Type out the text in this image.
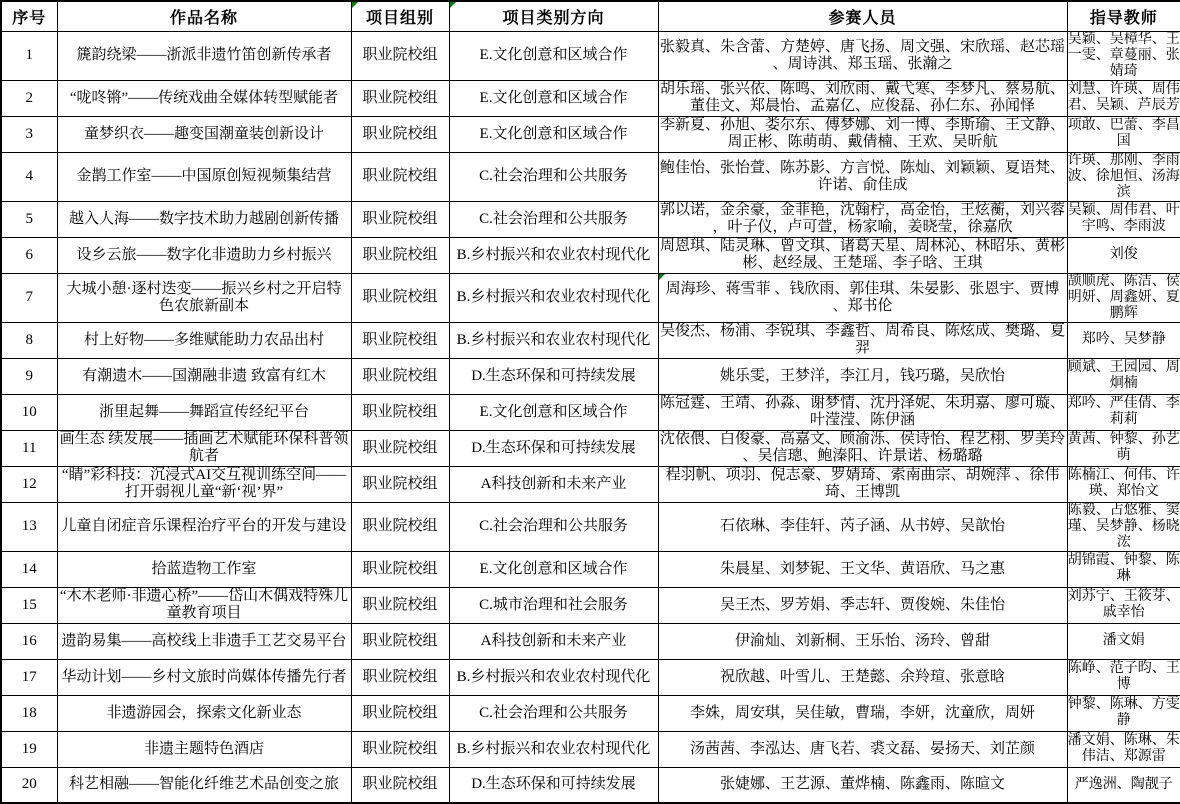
序号	作品名称	项目组别	项目类别方向	参赛人员	指导教师
1	篪韵绕梁——浙派非遗竹笛创新传承者	职业院校组	E.文化创意和区域合作	张毅真、朱含蕾、方楚婷、唐飞扬、周文强、宋欣瑶、赵芯瑶、周诗淇、郑玉瑶、张瀚之	吴颖、吴樟华、王一雯、章蔓丽、张婧琦
2	“咙咚锵”——传统戏曲全媒体转型赋能者	职业院校组	E.文化创意和区域合作	胡乐瑶、张兴依、陈鸣、刘欣雨、戴弋寒、李梦凡、蔡易航、董佳文、郑晨怡、孟嘉亿、应俊磊、孙仁东、孙闻怿	刘慧、许瑛、周伟君、吴颖、芦辰芳
3	童梦织衣——趣变国潮童装创新设计	职业院校组	E.文化创意和区域合作	李新夏、孙旭、娄尔东、傅梦娜、刘一博、李斯瑜、王文静、周正彬、陈萌萌、戴倩楠、王欢、吴昕航	项敢、巴蕾、李昌国
4	金鹊工作室——中国原创短视频集结营	职业院校组	C.社会治理和公共服务	鲍佳怡、张怡萱、陈苏影、方言悦、陈灿、刘颖颖、夏语梵、许诺、俞佳成	许瑛、那刚、李雨波、徐旭恒、汤海滨
5	越入人海——数字技术助力越剧创新传播	职业院校组	C.社会治理和公共服务	郭以诺，金余豪，金菲艳，沈翰柠，高金怡，王炫蘅，刘兴蓉，叶子仪，卢可萱，杨家喻，姜晓莹，徐嘉欣	吴颖、周伟君、叶宇鸣、李雨波
6	设乡云旅——数字化非遗助力乡村振兴	职业院校组	B.乡村振兴和农业农村现代化	周恩琪、陆灵琳、曾文琪、诸葛天星、周林沁、林昭乐、黄彬彬、赵经晟、王楚瑶、李子晗、王琪	刘俊
7	大城小憩·逐村迭变——振兴乡村之开启特色农旅新副本	职业院校组	B.乡村振兴和农业农村现代化	周海珍、蒋雪菲 、钱欣雨、郭佳琪、朱晏影、张恩宇、贾博、郑书伦	颉顺虎、陈洁、侯明妍、周鑫妍、夏鹏辉
8	村上好物——多维赋能助力农品出村	职业院校组	B.乡村振兴和农业农村现代化	吴俊杰、杨浦、李锐琪、李鑫哲、周希良、陈炫成、樊璐、夏羿	郑吟、吴梦静
9	有潮遗木——国潮融非遗 致富有红木	职业院校组	D.生态环保和可持续发展	姚乐雯，王梦洋，李江月，钱巧璐，吴欣怡	顾斌、王园园、周炯楠
10	浙里起舞——舞蹈宣传经纪平台	职业院校组	E.文化创意和区域合作	陈冠霆、王靖、孙淼、谢梦情、沈丹泽妮、朱玥嘉、廖可璇、叶滢滢、陈伊涵	郑吟、严佳倩、李莉莉
11	画生态 续发展——插画艺术赋能环保科普领航者	职业院校组	D.生态环保和可持续发展	沈依偎、白俊豪、高嘉文、顾渝泺、侯诗怡、程艺栩、罗美玲、吴信璁、鲍溱阳、许景诺、杨璐璐	黄茜、钟黎、孙艺萌
12	“睛”彩科技：沉浸式AI交互视训练空间——打开弱视儿童“新‘视’界”	职业院校组	A科技创新和未来产业	程羽帆、项羽、倪志豪、罗婧琦、索南曲宗、胡婉萍 、徐伟琦、王博凯	陈楠江、何伟、许瑛、郑怡文
13	儿童自闭症音乐课程治疗平台的开发与建设	职业院校组	C.社会治理和公共服务	石依琳、李佳轩、芮子涵、从书婷、吴歆怡	陈毅、占悠雅、窦瑾、吴梦静、杨晓浤
14	拾蓝造物工作室	职业院校组	E.文化创意和区域合作	朱晨星、刘梦铌、王文华、黄语欣、马之惠	胡锦霞、钟黎、陈琳
15	“木木老师·非遗心桥”——岱山木偶戏特殊儿童教育项目	职业院校组	C.城市治理和社会服务	吴王杰、罗芳娟、季志轩、贾俊婉、朱佳怡	刘苏宁、王筱芽、戚幸怡
16	遗韵易集——高校线上非遗手工艺交易平台	职业院校组	A科技创新和未来产业	伊渝灿、刘新桐、王乐怡、汤玲、曾甜	潘文娟
17	华动计划——乡村文旅时尚媒体传播先行者	职业院校组	B.乡村振兴和农业农村现代化	祝欣越、叶雪儿、王楚懿、余羚瑄、张意晗	陈峥、范子昀、王博
18	非遗游园会，探索文化新业态	职业院校组	C.社会治理和公共服务	李姝，周安琪，吴佳敏，曹瑞，李妍，沈童欣，周妍	钟黎、陈琳、方雯静
19	非遗主题特色酒店	职业院校组	B.乡村振兴和农业农村现代化	汤茜茜、李泓达、唐飞若、裘文磊、晏扬天、刘芷颜	潘文娟、陈琳、朱伟洁、郑源雷
20	科艺相融——智能化纤维艺术品创变之旅	职业院校组	D.生态环保和可持续发展	张婕娜、王艺源、董烨楠、陈鑫雨、陈暄文	严逸洲、陶靓子
